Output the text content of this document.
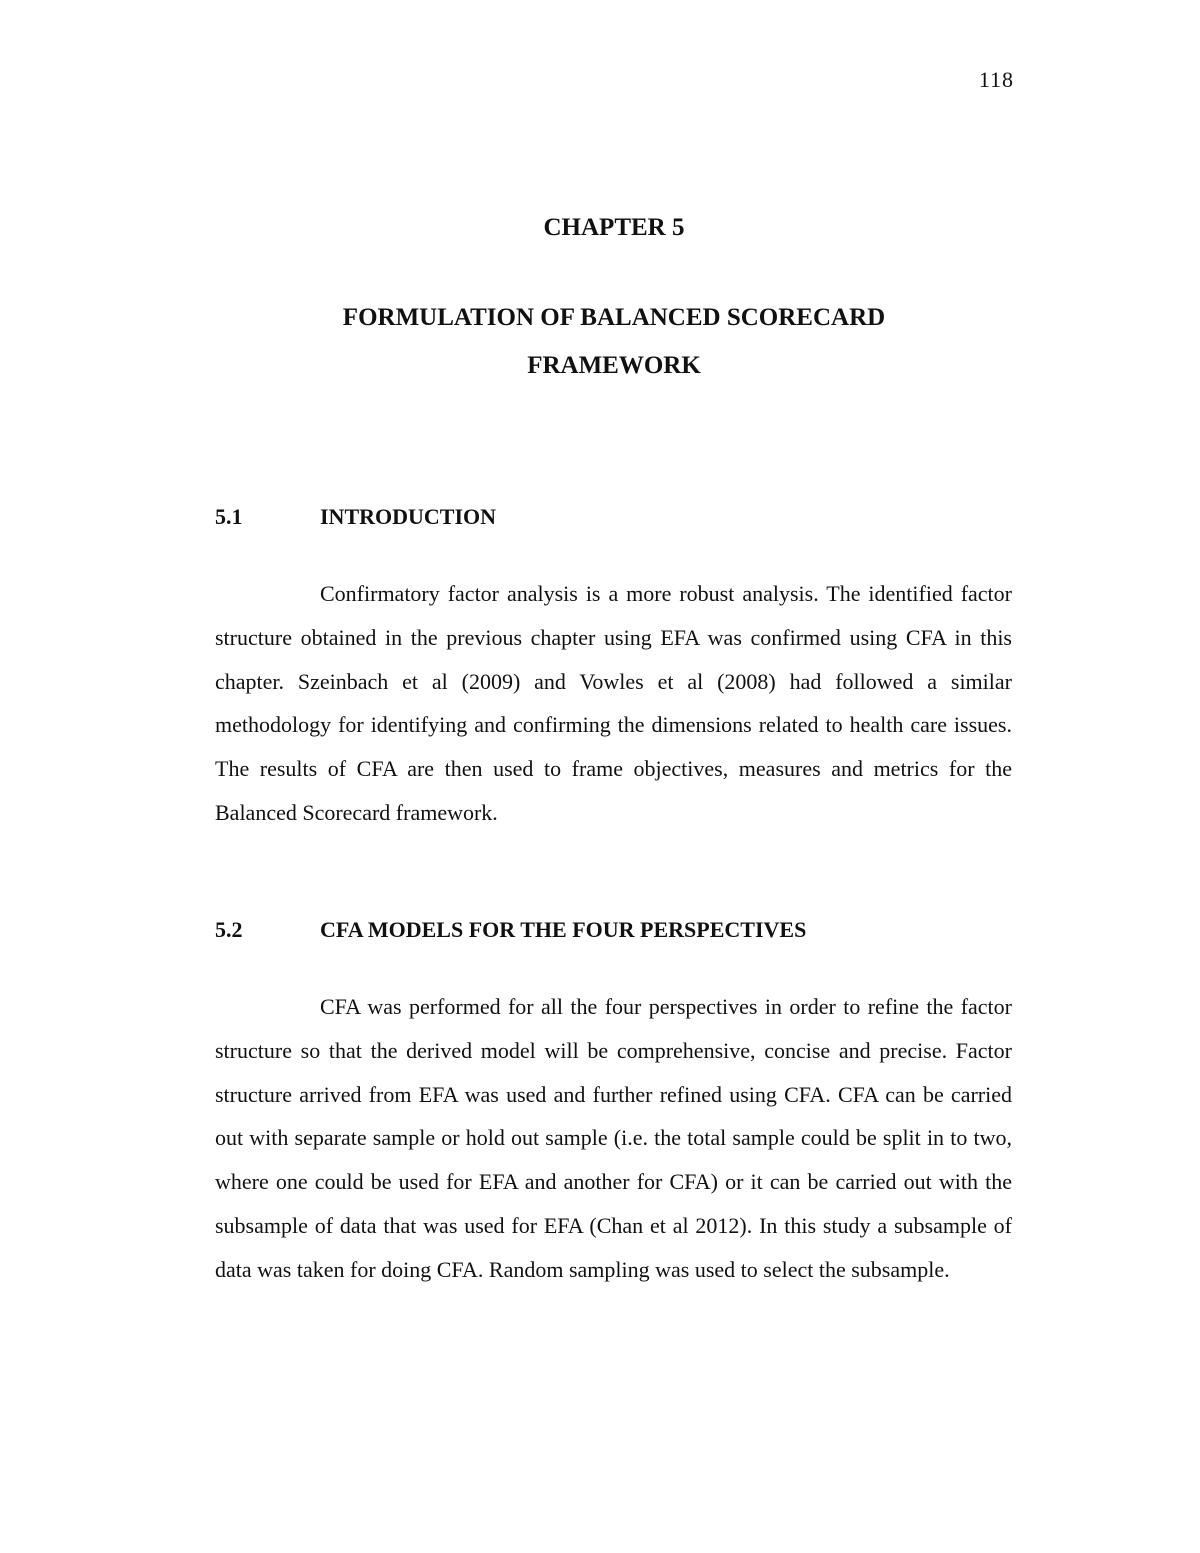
118
CHAPTER 5
FORMULATION OF BALANCED SCORECARD
FRAMEWORK
5.1	INTRODUCTION

Confirmatory factor analysis is a more robust analysis. The identified factor structure obtained in the previous chapter using EFA was confirmed using CFA in this chapter. Szeinbach et al (2009) and Vowles et al (2008) had followed a similar methodology for identifying and confirming the dimensions related to health care issues. The results of CFA are then used to frame objectives, measures and metrics for the Balanced Scorecard framework.

5.2	CFA MODELS FOR THE FOUR PERSPECTIVES

CFA was performed for all the four perspectives in order to refine the factor structure so that the derived model will be comprehensive, concise and precise. Factor structure arrived from EFA was used and further refined using CFA. CFA can be carried out with separate sample or hold out sample (i.e. the total sample could be split in to two, where one could be used for EFA and another for CFA) or it can be carried out with the subsample of data that was used for EFA (Chan et al 2012). In this study a subsample of data was taken for doing CFA. Random sampling was used to select the subsample.
